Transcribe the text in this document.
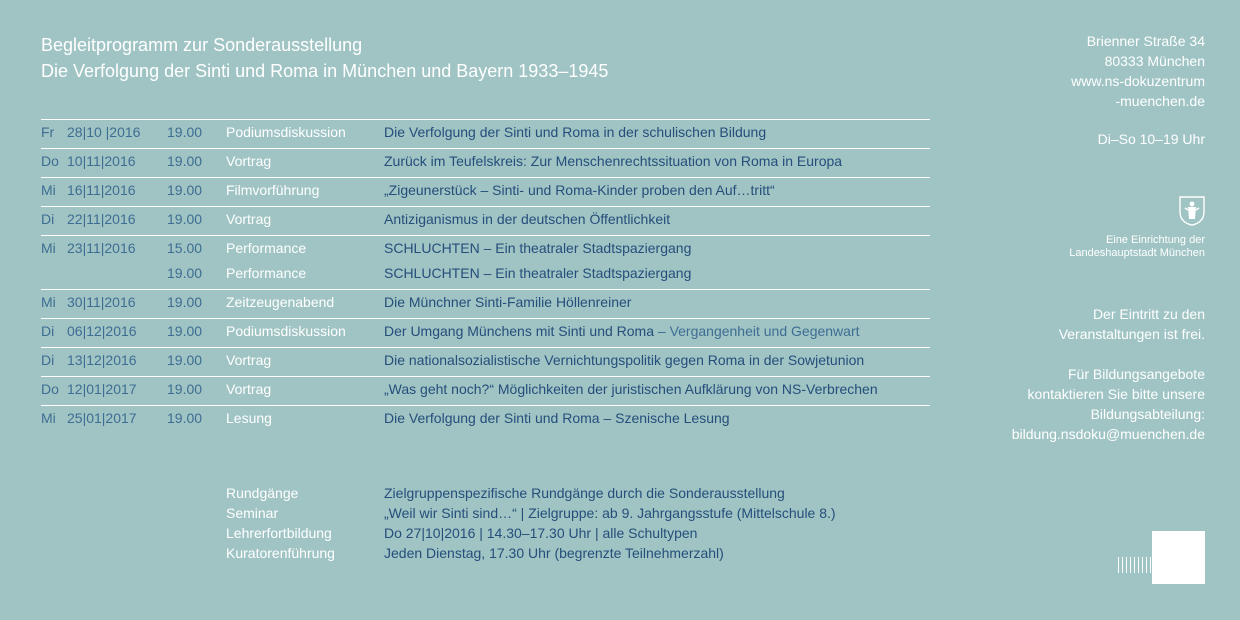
Begleitprogramm zur Sonderausstellung
Die Verfolgung der Sinti und Roma in München und Bayern 1933–1945
Fr 28|10 |2016 19.00 Podiumsdiskussion	Die Verfolgung der Sinti und Roma in der schulischen Bildung
Do 10|11|2016 19.00 Vortrag	Zurück im Teufelskreis: Zur Menschenrechtssituation von Roma in Europa
Mi 16|11|2016 19.00 Filmvorführung	„Zigeunerstück – Sinti- und Roma-Kinder proben den Auf…tritt“
Di 22|11|2016 19.00 Vortrag	Antiziganismus in der deutschen Öffentlichkeit
Mi 23|11|2016 15.00 Performance	SCHLUCHTEN – Ein theatraler Stadtspaziergang
19.00 Performance	SCHLUCHTEN – Ein theatraler Stadtspaziergang
Mi 30|11|2016 19.00 Zeitzeugenabend	Die Münchner Sinti-Familie Höllenreiner
Di 06|12|2016 19.00 Podiumsdiskussion	Der Umgang Münchens mit Sinti und Roma – Vergangenheit und Gegenwart
Di 13|12|2016 19.00 Vortrag	Die nationalsozialistische Vernichtungspolitik gegen Roma in der Sowjetunion
Do 12|01|2017 19.00 Vortrag	„Was geht noch?“ Möglichkeiten der juristischen Aufklärung von NS-Verbrechen
Mi 25|01|2017 19.00 Lesung	Die Verfolgung der Sinti und Roma – Szenische Lesung
Rundgänge	Zielgruppenspezifische Rundgänge durch die Sonderausstellung
Seminar	„Weil wir Sinti sind…“ | Zielgruppe: ab 9. Jahrgangsstufe (Mittelschule 8.)
Lehrerfortbildung	Do 27|10|2016 | 14.30–17.30 Uhr | alle Schultypen
Kuratorenführung	Jeden Dienstag, 17.30 Uhr (begrenzte Teilnehmerzahl)
Brienner Straße 34
80333 München
www.ns-dokuzentrum
-muenchen.de
Di–So 10–19 Uhr
Eine Einrichtung der
Landeshauptstadt München
Der Eintritt zu den
Veranstaltungen ist frei.
Für Bildungsangebote
kontaktieren Sie bitte unsere
Bildungsabteilung:
bildung.nsdoku@muenchen.de
